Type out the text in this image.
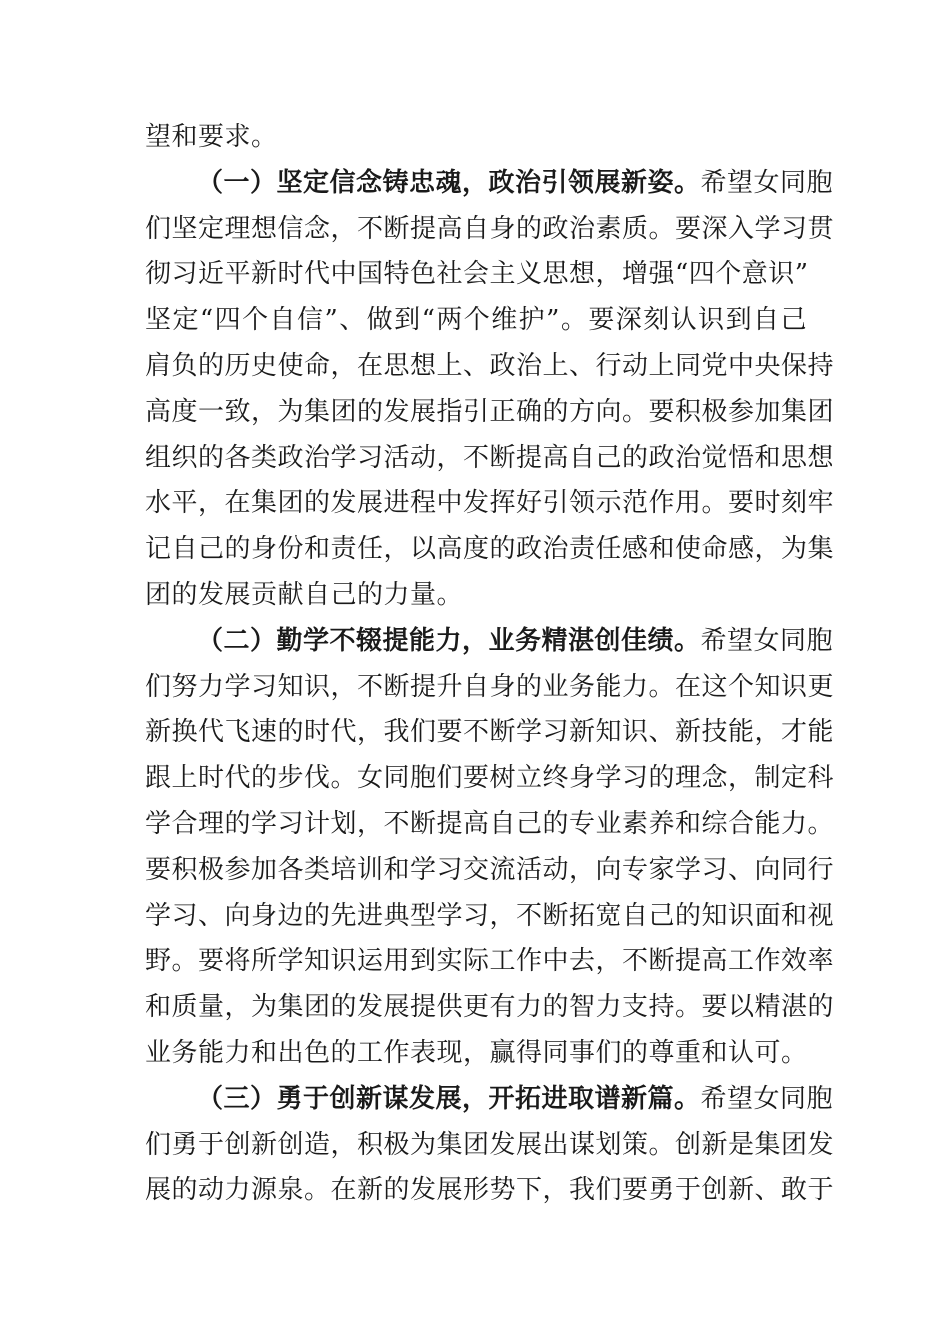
望和要求。
（一）坚定信念铸忠魂，政治引领展新姿。希望女同胞
们坚定理想信念，不断提高自身的政治素质。要深入学习贯
彻习近平新时代中国特色社会主义思想，增强“四个意识”
坚定“四个自信”、做到“两个维护”。要深刻认识到自己
肩负的历史使命，在思想上、政治上、行动上同党中央保持
高度一致，为集团的发展指引正确的方向。要积极参加集团
组织的各类政治学习活动，不断提高自己的政治觉悟和思想
水平，在集团的发展进程中发挥好引领示范作用。要时刻牢
记自己的身份和责任，以高度的政治责任感和使命感，为集
团的发展贡献自己的力量。
（二）勤学不辍提能力，业务精湛创佳绩。希望女同胞
们努力学习知识，不断提升自身的业务能力。在这个知识更
新换代飞速的时代，我们要不断学习新知识、新技能，才能
跟上时代的步伐。女同胞们要树立终身学习的理念，制定科
学合理的学习计划，不断提高自己的专业素养和综合能力。
要积极参加各类培训和学习交流活动，向专家学习、向同行
学习、向身边的先进典型学习，不断拓宽自己的知识面和视
野。要将所学知识运用到实际工作中去，不断提高工作效率
和质量，为集团的发展提供更有力的智力支持。要以精湛的
业务能力和出色的工作表现，赢得同事们的尊重和认可。
（三）勇于创新谋发展，开拓进取谱新篇。希望女同胞
们勇于创新创造，积极为集团发展出谋划策。创新是集团发
展的动力源泉。在新的发展形势下，我们要勇于创新、敢于
